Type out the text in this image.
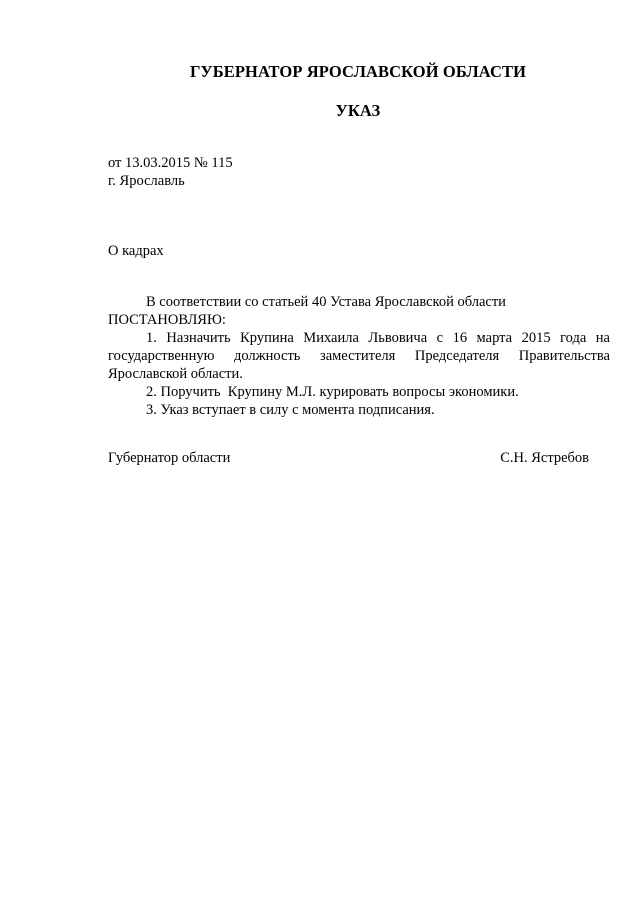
ГУБЕРНАТОР ЯРОСЛАВСКОЙ ОБЛАСТИ
УКАЗ
от 13.03.2015 № 115
г. Ярославль
О кадрах

В соответствии со статьей 40 Устава Ярославской области

ПОСТАНОВЛЯЮ:

1. Назначить Крупина Михаила Львовича с 16 марта 2015 года на государственную должность заместителя Председателя Правительства Ярославской области.

2. Поручить  Крупину М.Л. курировать вопросы экономики.

3. Указ вступает в силу с момента подписания.

Губернатор области	С.Н. Ястребов
